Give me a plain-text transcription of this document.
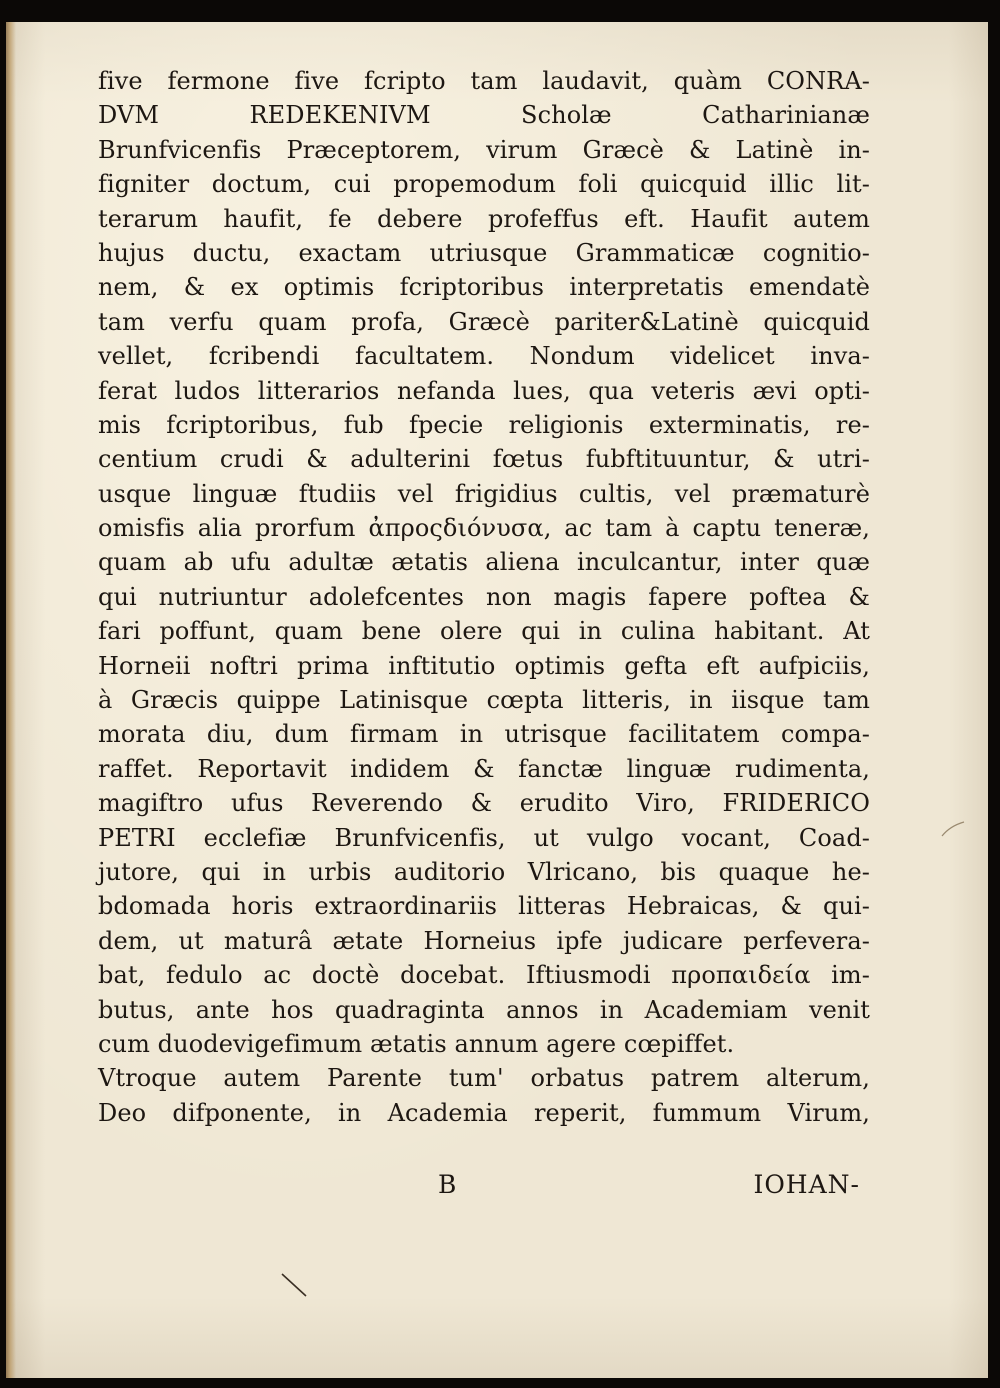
five fermone five fcripto tam laudavit, quàm CONRA-
DVM REDEKENIVM Scholæ Catharinianæ
Brunfvicenfis Præceptorem, virum Græcè & Latinè in-
figniter doctum, cui propemodum foli quicquid illic lit-
terarum haufit, fe debere profeffus eft. Haufit autem
hujus ductu, exactam utriusque Grammaticæ cognitio-
nem, & ex optimis fcriptoribus interpretatis emendatè
tam verfu quam profa, Græcè pariter&Latinè quicquid
vellet, fcribendi facultatem. Nondum videlicet inva-
ferat ludos litterarios nefanda lues, qua veteris ævi opti-
mis fcriptoribus, fub fpecie religionis exterminatis, re-
centium crudi & adulterini fœtus fubftituuntur, & utri-
usque linguæ ftudiis vel frigidius cultis, vel præmaturè
omisfis alia prorfum ἀπροςδιόνυσα, ac tam à captu teneræ,
quam ab ufu adultæ ætatis aliena inculcantur, inter quæ
qui nutriuntur adolefcentes non magis fapere poftea &
fari poffunt, quam bene olere qui in culina habitant. At
Horneii noftri prima inftitutio optimis gefta eft aufpiciis,
à Græcis quippe Latinisque cœpta litteris, in iisque tam
morata diu, dum firmam in utrisque facilitatem compa-
raffet. Reportavit indidem & fanctæ linguæ rudimenta,
magiftro ufus Reverendo & erudito Viro, FRIDERICO
PETRI ecclefiæ Brunfvicenfis, ut vulgo vocant, Coad-
jutore, qui in urbis auditorio Vlricano, bis quaque he-
bdomada horis extraordinariis litteras Hebraicas, & qui-
dem, ut maturâ ætate Horneius ipfe judicare perfevera-
bat, fedulo ac doctè docebat. Iftiusmodi προπαιδεία im-
butus, ante hos quadraginta annos in Academiam venit
cum duodevigefimum ætatis annum agere cœpiffet.
Vtroque autem Parente tum' orbatus patrem alterum,
Deo difponente, in Academia reperit, fummum Virum,
B	IOHAN-
